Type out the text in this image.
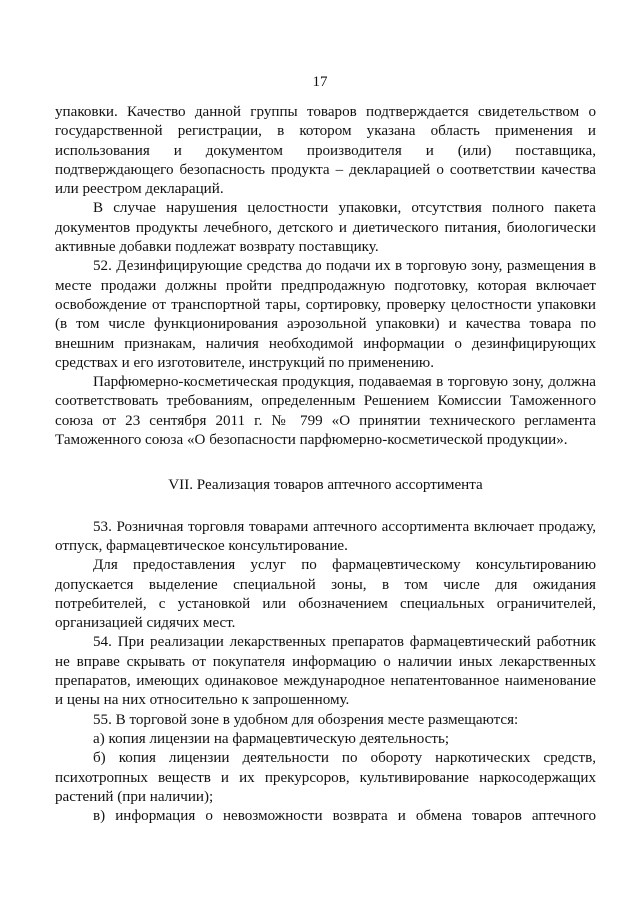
17

упаковки. Качество данной группы товаров подтверждается свидетельством о государственной регистрации, в котором указана область применения и использования и документом производителя и (или) поставщика, подтверждающего безопасность продукта – декларацией о соответствии качества или реестром деклараций.

В случае нарушения целостности упаковки, отсутствия полного пакета документов продукты лечебного, детского и диетического питания, биологически активные добавки подлежат возврату поставщику.

52. Дезинфицирующие средства до подачи их в торговую зону, размещения в месте продажи должны пройти предпродажную подготовку, которая включает освобождение от транспортной тары, сортировку, проверку целостности упаковки (в том числе функционирования аэрозольной упаковки) и качества товара по внешним признакам, наличия необходимой информации о дезинфицирующих средствах и его изготовителе, инструкций по применению.

Парфюмерно-косметическая продукция, подаваемая в торговую зону, должна соответствовать требованиям, определенным Решением Комиссии Таможенного союза от 23 сентября 2011 г. № 799 «О принятии технического регламента Таможенного союза «О безопасности парфюмерно-косметической продукции».

VII. Реализация товаров аптечного ассортимента

53. Розничная торговля товарами аптечного ассортимента включает продажу, отпуск, фармацевтическое консультирование.

Для предоставления услуг по фармацевтическому консультированию допускается выделение специальной зоны, в том числе для ожидания потребителей, с установкой или обозначением специальных ограничителей, организацией сидячих мест.

54. При реализации лекарственных препаратов фармацевтический работник не вправе скрывать от покупателя информацию о наличии иных лекарственных препаратов, имеющих одинаковое международное непатентованное наименование и цены на них относительно к запрошенному.

55. В торговой зоне в удобном для обозрения месте размещаются:

а) копия лицензии на фармацевтическую деятельность;

б) копия лицензии деятельности по обороту наркотических средств, психотропных веществ и их прекурсоров, культивирование наркосодержащих растений (при наличии);

в) информация о невозможности возврата и обмена товаров аптечного
